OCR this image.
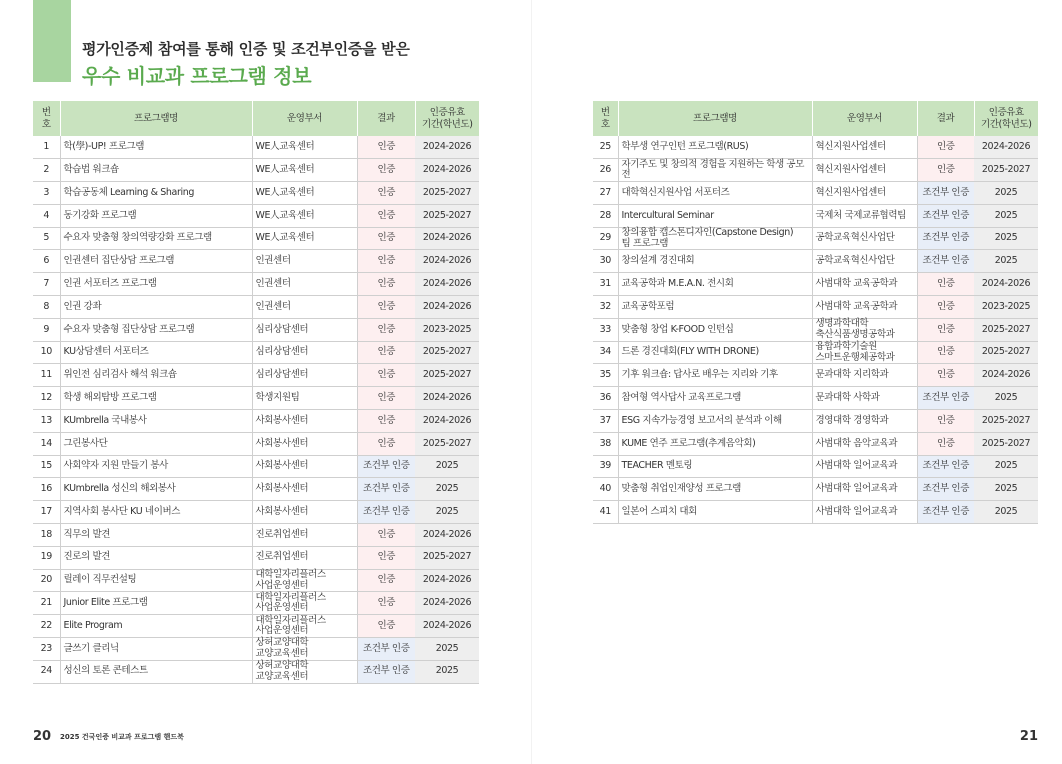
평가인증제 참여를 통해 인증 및 조건부인증을 받은
우수 비교과 프로그램 정보
번
호	프로그램명	운영부서	결과	인증유효
기간(학년도)
1	학(學)-UP! 프로그램	WE人교육센터	인증	2024-2026
2	학습법 워크숍	WE人교육센터	인증	2024-2026
3	학습공동체 Learning & Sharing	WE人교육센터	인증	2025-2027
4	동기강화 프로그램	WE人교육센터	인증	2025-2027
5	수요자 맞춤형 창의역량강화 프로그램	WE人교육센터	인증	2024-2026
6	인권센터 집단상담 프로그램	인권센터	인증	2024-2026
7	인권 서포터즈 프로그램	인권센터	인증	2024-2026
8	인권 강좌	인권센터	인증	2024-2026
9	수요자 맞춤형 집단상담 프로그램	심리상담센터	인증	2023-2025
10	KU상담센터 서포터즈	심리상담센터	인증	2025-2027
11	위인전 심리검사 해석 워크숍	심리상담센터	인증	2025-2027
12	학생 해외탐방 프로그램	학생지원팀	인증	2024-2026
13	KUmbrella 국내봉사	사회봉사센터	인증	2024-2026
14	그린봉사단	사회봉사센터	인증	2025-2027
15	사회약자 지원 만들기 봉사	사회봉사센터	조건부 인증	2025
16	KUmbrella 성신의 해외봉사	사회봉사센터	조건부 인증	2025
17	지역사회 봉사단 KU 네이버스	사회봉사센터	조건부 인증	2025
18	직무의 발견	진로취업센터	인증	2024-2026
19	진로의 발견	진로취업센터	인증	2025-2027
20	릴레이 직무컨설팅	대학일자리플러스
사업운영센터	인증	2024-2026
21	Junior Elite 프로그램	대학일자리플러스
사업운영센터	인증	2024-2026
22	Elite Program	대학일자리플러스
사업운영센터	인증	2024-2026
23	글쓰기 클리닉	상허교양대학
교양교육센터	조건부 인증	2025
24	성신의 토론 콘테스트	상허교양대학
교양교육센터	조건부 인증	2025
번
호	프로그램명	운영부서	결과	인증유효
기간(학년도)
25	학부생 연구인턴 프로그램(RUS)	혁신지원사업센터	인증	2024-2026
26	자기주도 및 창의적 경험을 지원하는 학생 공모전	혁신지원사업센터	인증	2025-2027
27	대학혁신지원사업 서포터즈	혁신지원사업센터	조건부 인증	2025
28	Intercultural Seminar	국제처 국제교류협력팀	조건부 인증	2025
29	창의융합 캡스톤디자인(Capstone Design)
팀 프로그램	공학교육혁신사업단	조건부 인증	2025
30	창의설계 경진대회	공학교육혁신사업단	조건부 인증	2025
31	교육공학과 M.E.A.N. 전시회	사범대학 교육공학과	인증	2024-2026
32	교육공학포럼	사범대학 교육공학과	인증	2023-2025
33	맞춤형 창업 K-FOOD 인턴십	생명과학대학
축산식품생명공학과	인증	2025-2027
34	드론 경진대회(FLY WITH DRONE)	융합과학기술원
스마트운행체공학과	인증	2025-2027
35	기후 워크숍: 답사로 배우는 지리와 기후	문과대학 지리학과	인증	2024-2026
36	참여형 역사답사 교육프로그램	문과대학 사학과	조건부 인증	2025
37	ESG 지속가능경영 보고서의 분석과 이해	경영대학 경영학과	인증	2025-2027
38	KUME 연주 프로그램(추계음악회)	사범대학 음악교육과	인증	2025-2027
39	TEACHER 멘토링	사범대학 일어교육과	조건부 인증	2025
40	맞춤형 취업인재양성 프로그램	사범대학 일어교육과	조건부 인증	2025
41	일본어 스피치 대회	사범대학 일어교육과	조건부 인증	2025
20 2025 건국인증 비교과 프로그램 핸드북	21
